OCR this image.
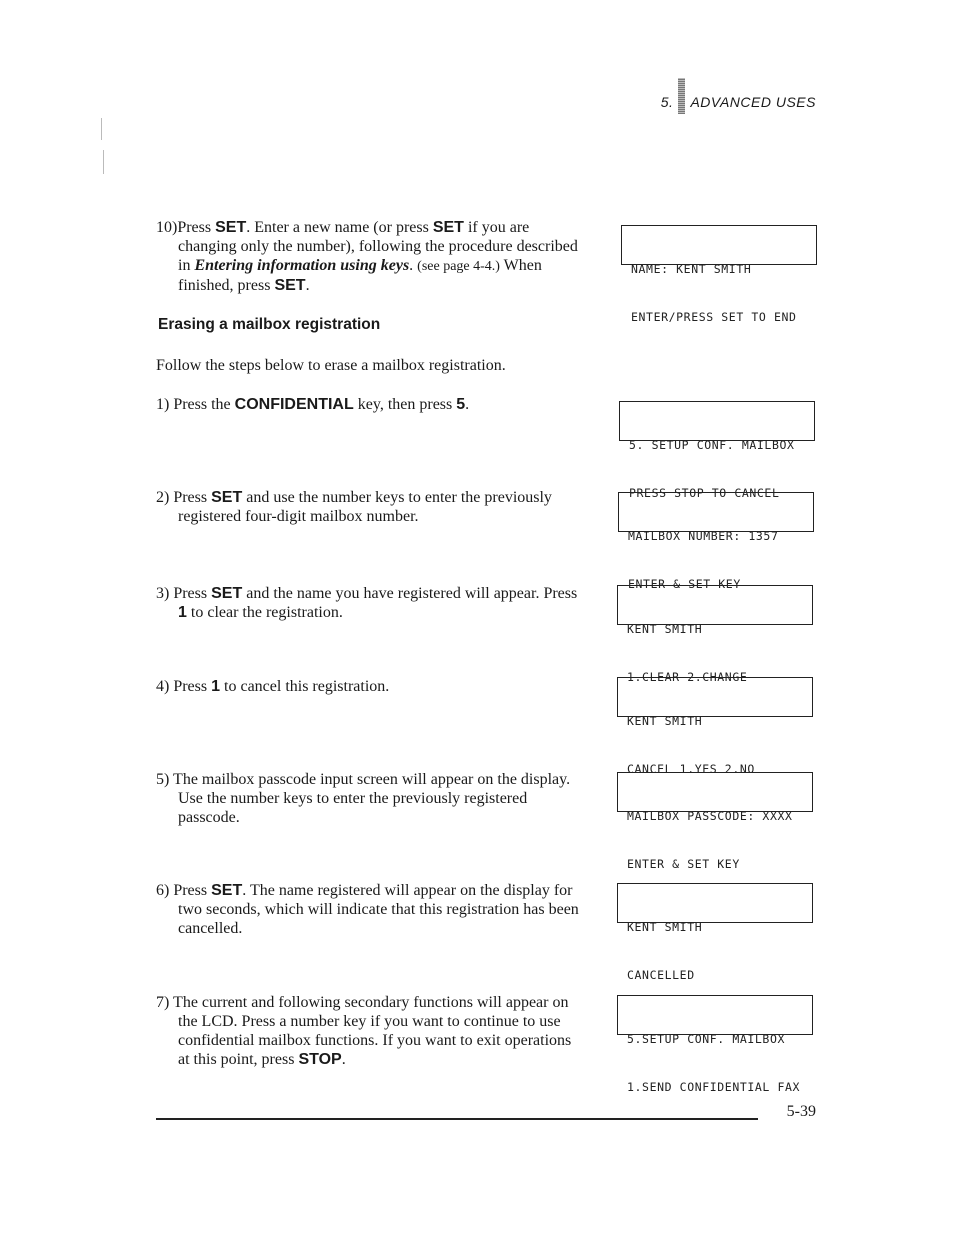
5. ADVANCED USES
10)Press SET. Enter a new name (or press SET if you are changing only the number), following the procedure described in Entering information using keys. (see page 4-4.) When finished, press SET.

NAME: KENT SMITH

ENTER/PRESS SET TO END

Erasing a mailbox registration
Follow the steps below to erase a mailbox registration.
1) Press the CONFIDENTIAL key, then press 5.

5. SETUP CONF. MAILBOX

PRESS STOP TO CANCEL

2) Press SET and use the number keys to enter the previously registered four-digit mailbox number.

MAILBOX NUMBER: 1357

ENTER & SET KEY

3) Press SET and the name you have registered will appear. Press 1 to clear the registration.

KENT SMITH

1.CLEAR 2.CHANGE

4) Press 1 to cancel this registration.

KENT SMITH

CANCEL 1.YES 2.NO

5) The mailbox passcode input screen will appear on the display. Use the number keys to enter the previously registered passcode.

	MAILBOX PASSCODE: XXXX

ENTER & SET KEY

6) Press SET. The name registered will appear on the display for two seconds, which will indicate that this registration has been cancelled.

	KENT SMITH

CANCELLED

7) The current and following secondary functions will appear on the LCD. Press a number key if you want to continue to use confidential mailbox functions. If you want to exit operations at this point, press STOP.

5.SETUP CONF. MAILBOX

1.SEND CONFIDENTIAL FAX

5-39
